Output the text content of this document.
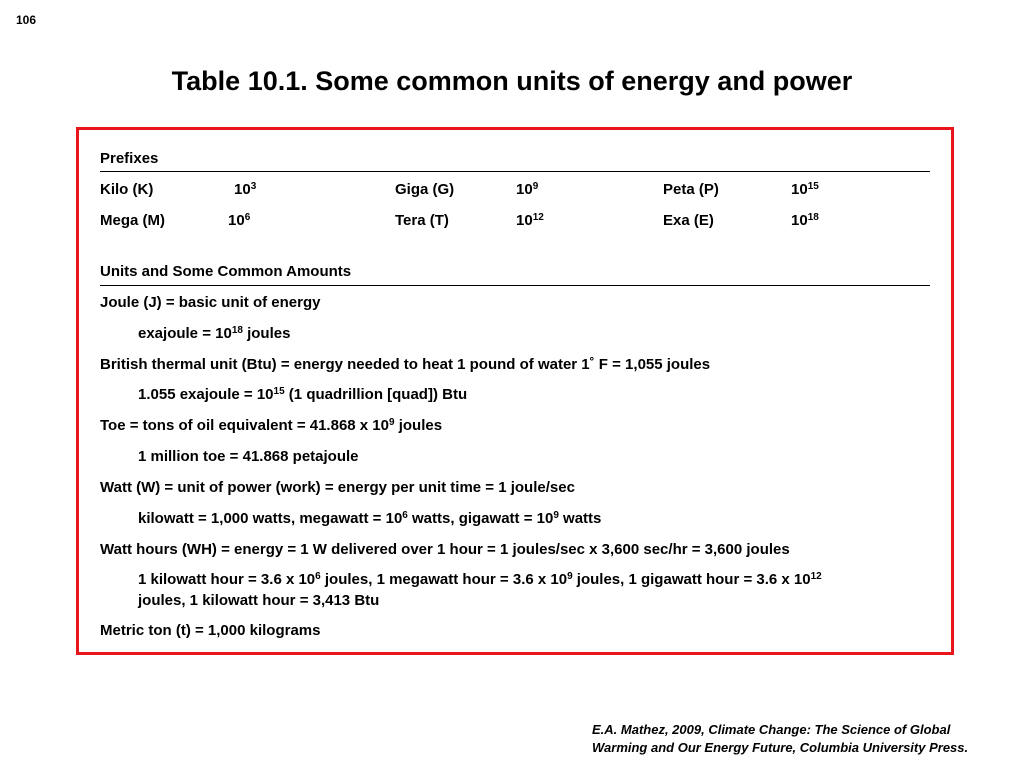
106
Table 10.1. Some common units of energy and power
Prefixes
Kilo (K)	$10^3$	Giga (G)	$10^9$	Peta (P)	$10^{15}$
Mega (M)	$10^6$	Tera (T)	$10^{12}$	Exa (E)	$10^{18}$
Units and Some Common Amounts
Joule (J) = basic unit of energy
exajoule = $10^{18}$ joules
British thermal unit (Btu) = energy needed to heat 1 pound of water 1˚ F = 1,055 joules
1.055 exajoule = $10^{15}$ (1 quadrillion [quad]) Btu
Toe = tons of oil equivalent = 41.868 x $10^9$ joules
1 million toe = 41.868 petajoule
Watt (W) = unit of power (work) = energy per unit time = 1 joule/sec
kilowatt = 1,000 watts, megawatt = $10^6$ watts, gigawatt = $10^9$ watts
Watt hours (WH) = energy = 1 W delivered over 1 hour = 1 joules/sec x 3,600 sec/hr = 3,600 joules
1 kilowatt hour = 3.6 x $10^6$ joules, 1 megawatt hour = 3.6 x $10^9$ joules, 1 gigawatt hour = 3.6 x $10^{12}$
joules, 1 kilowatt hour = 3,413 Btu
Metric ton (t) = 1,000 kilograms
E.A. Mathez, 2009, Climate Change: The Science of Global
Warming and Our Energy Future, Columbia University Press.
